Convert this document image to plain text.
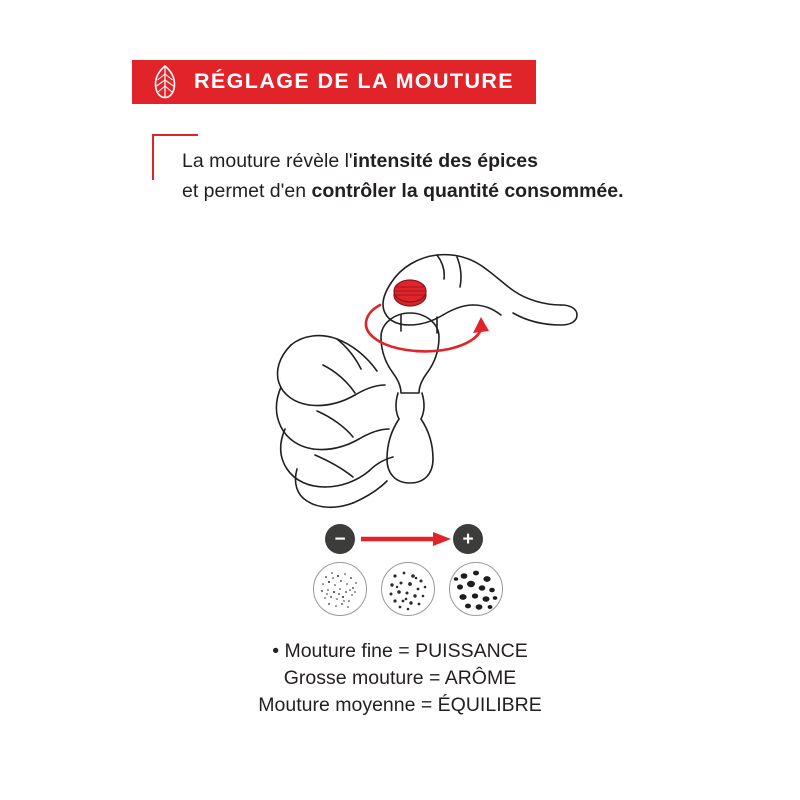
RÉGLAGE DE LA MOUTURE
La mouture révèle l'intensité des épices
et permet d'en contrôler la quantité consommée.
−	+
• Mouture fine = PUISSANCE
Grosse mouture = ARÔME
Mouture moyenne = ÉQUILIBRE
